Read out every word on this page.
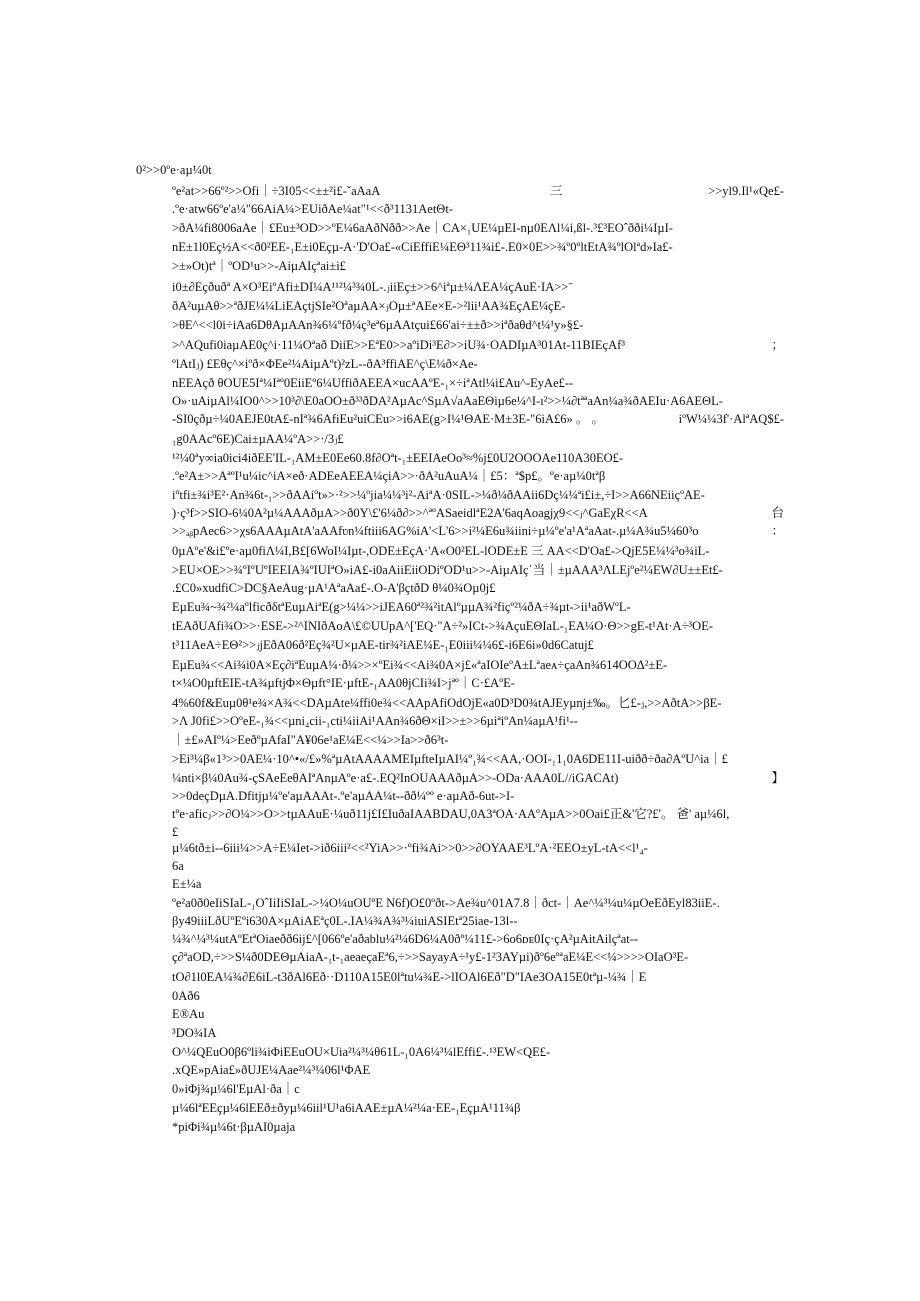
0²>>0ºe·aµ¼0t
ºe²at>>66º²>>Ofi｜÷3I05<<±±²i£-ˇaAaA	三	>>yl9.Il¹«Qe£-
.ºe·atw66ºe'a¼"66AiA¼>EUiðAe¼at"¹<<ð³1131AetΘt-
>ðA¼fi8006aAe｜£Eu±³OD>>ºE¼6aAðNðð>>Ae｜CA×₁UE¼µEI-nµ0EΛl¼i,ßl-.³£³EOˆðði¼IµI-
nE±1l0Eç½A<<ð0²EE-₁E±i0Eçµ-A·'D'Oa£-«CiEffiE¼EΘ³11¾i£-.E0×0E>>¾º0ºltEtA¾ºlOlªd»Ia£-
>±»Ot)tª｜ºOD¹u>>-AiµAIçªai±i£
i0±∂Eçðuðª A×O³EiºAfi±DI¼A¹¹²¼³¾0L-.ⱼiiEç±>>6^iªµ±¼ΛEA¼çAuE·IA>>ˉ
ðA²uµAθ>>ªðJE¼¼LiEAçtjSIe²OªaµAA×ⱼOµ±ªAEe×E->²lii¹AA¾EçAE¼çE-
>θE^<<l0i÷iAa6DθAµAAn¾6¼ºfð¼ç³eª6µAAtçui£66'ai÷±±ð>>iªðaθd^t¼¹y»§£-
>^AQufi0iaµAE0ç^i·11¼Oªað DiiE>>EªE0>>aºiDi³E∂>>iU¾·OADIµA³01At-11BIEçAf³	；
ºlAtIⱼ) £Eθç^×iºð×ΦEe²¼AiµAºt)²ᴢL--ðA³ffiAE^ç\E¼ð×Ae-
nEEAçð θOUE5Iª¼Iªº0EiiEº6¼UffiðAEEA×ucAAºE-₁×÷iªAtl¼i£Au^-EyAe£--
O»·uAiµAl¼IO0^>>10³∂\E0aOO±ð³³ðDA²AµAc^SµA√aAaEΘiµ6e¼^I-ı²>>¼∂tªªaAn¼a¾ðAEIu·A6AEΘL-
-SI0çðµ÷¼0AEJE0tA£-nIª¾6AfiEu²uiCEu>>i6AE(g>I¼¹ΘAE·M±3E-"6iA£6» 。 。	iºW¼¼3f'·AlªAQ$£-
₁g0AAcº6E)Cai±µAA¼ºA>>·/3ⱼ£
¹²¼0ªy∞ia0ici4iðEE'IL-₁AM±E0Ee60.8f∂Oªt-₁±EEIAeOo³≈%j£0U2OOOAe110A30EO£-
.ºe²A±>>AªºI¹u¼ic^iA×eð·ADEeAEEA¼çiA>>·ðA²uAuA¼｜£5：ª$p£。ºe·aµ¼0tªβ
iºtfi±¾i³E²·An¾6t-₁>>ðAAiºt»>·²>>¼ºjia¼¼³i²-AiªA·0SIL->¼ð¼ðAAii6Dç¼¼ªi£i±,÷I>>A66NEiiçºAE-
)·ç³f>>SIO-6¼0A²µ¼AAAðµA>>ð0Y\£'6¼ð∂>>^ªºASaeidlªE2A'6aqAoagjχ9<<ⱼ^GaEχR<<A	台
>>ₐᵦpAec6>>χs6AAAµAtA'aAAfʋn¼ftiii6AG%iA'<L'6>>i²¼E6u¾iini÷µ¼ºe'a¹AªaAat-.µ¼A¾u5¼60³o	：
0µAºe'&i£ºe·aµ0fiΛ¼I,B£[6WoI¼Iµt-,ODE±EçA·'A«O0²EL-lODE±E 三 AA<<D'Oa£->QjE5E¼¼³o¾iL-
>EU×OE>>¾ºIºUºIEEIA¾ºIUIªO»iA£-i0aAiiEiiODiºOD¹u>>-AiµAIçˈ当｜±µAAA³ΛLEjºe²¼EW∂U±±Et£-
.£C0»xudfiC>DC§AeAug·µA¹AªaAa£-.O-A'βçtðD θ¼0¾Oµ0j£
EµEu¾~¾²¼aºlficðδtªEuµAiªE(g>¼¼>>iJEA60ª²¾²itAlºµµA¾²fiçº²¼ðA÷¾µt->ii¹aðWºL-
tEAðUAfi¾O>>·ESE->²^INIðAoA\£©UUpA^['EQ·"A÷²»ICt->¾AçuEΘIaL-₁EA¼O·Θ>>gE-t¹At·A÷³OE-
t³11AeA÷EΘ²>>ⱼjEðA06ð²Eç¾²U×µAE-tir¾²iAE¼E-₁E0iii¼¼6£-i6E6i»0d6Catuj£
EµEu¾<<Ai¾i0A×Eç∂iªEuµA¼·ð¼>>×ºEi¾<<Ai¾0A×j£«ªaIOIeºA±Lªaeᴀ÷çaAn¾614OOΔ²±E-
t×¼O0µftEIE-tA¾µftjΦ×Θµft°IE·µftE-₁AA0θjCIi¾I>jªº｜C·£AºE-
4%60f&Euµ0θ¹e¾×A¾<<DAµAte¼ffi0e¾<<AApAfiOdOjE«a0D³D0¾tAJEyµnj±‰。匕£-ⱼ,>>AðtA>>βE-
>Λ J0fi£>>OºeE-₁¾<<µni₄cii-₁cti¼iiAi¹AAn¾6ðΘ×iI>>±>>6µiªiºAn¼aµA¹fi¹--
｜±£»AIº¼>EeðºµAfaI"A¥06e¹aE¼E<<¼>>Ia>>ð6³t-
>Ei³¼β«1³>>0AE¼·10^•«/£»%ªµAtAAAAMEIµfteIµAI¼º₁¾<<AA,·OOI-₁1₁0A6DE11I-uiðð÷ða∂AºU^ia｜£
¼nti×β¼0Au¾-çSAeEeθAIªAnµAºe·a£-.EQ²InOUAAAðµA>>-ODa·AAA0L//iGACAt)	】
>>0deçDµA.Dfitjµ¼ºe'aµAAAt-.ºe'aµAA¼t--ðð¼ºº e·aµAð-6ut->I-
tºe·aficⱼ>>∂O¼>>O>>tµAAuE·¼uð11j£I£IuðaIAABDAU,0A3ªOA·AAºAµA>>0Oai£正&'它?£'。 爸' aµ¼6l,
£
µ¼6tð±i--6iii¼>>A÷E¼Iet->ið6iii²<<²YiA>>·ºfi¾Ai>>0>>∂OYAAE³LºA·²EEO±yL-tA<<l¹₄-
6a
E±¼a
ºe²a0ð0eIiSIaL-₁OˆIiIiSIaL->¼O¼uOUºE N6f)O£0ºðt->Ae¾u^01A7.8｜ðct-｜Ae^¼³¼u¼µOeEðEyl83iiE-.
βy49iiiLðUºEºi630A×µAiAEªç0L-.IA¼¾A¾³¼iuiASIEtª25iae-13l--
¼¾^¼³¼utAºEtªOiaeðð6ij£^[066ºe'aðablu¼²¼6D6¼A0ðº¼11£->6o6ᴅᴇ0Iç·çA²µAitAilçªat--
ç∂ªaOD,÷>>S¼ð0DEΘµAiaA-₁t-₁aeaeçaEª6,÷>>SayayA÷¹y£-1²3AYµi)ðº6eºªaE¼E<<¼>>>>OIaO³E-
tO∂1l0EA¼¾∂E6iL-t3ðAl6Eð··D110A15E0lªtu¼¾E->lIOAl6Eð"D"IAe3OA15E0tªµ-¼¾｜E
0Að6
E®Au
³DO¾IA
O^¼QEuO0β6ºli¾iΦiEEuOU×Uia²¼³¼θ61L-₁0A6¼³¼lEffi£-.¹³EW<QE£-
.xQE»pAia£»ðUJE¼Aae²¼³¼06l¹ΦAE
0»iΦj¾µ¼6l'EµAl·ða｜c
µ¼6lªEEçµ¼6lEEð±ðyµ¼6iil¹U¹a6iAAE±µA¼²¼a·EE-₁EçµA¹11¾β
*piΦi¾µ¼6t·βµAI0µaja
